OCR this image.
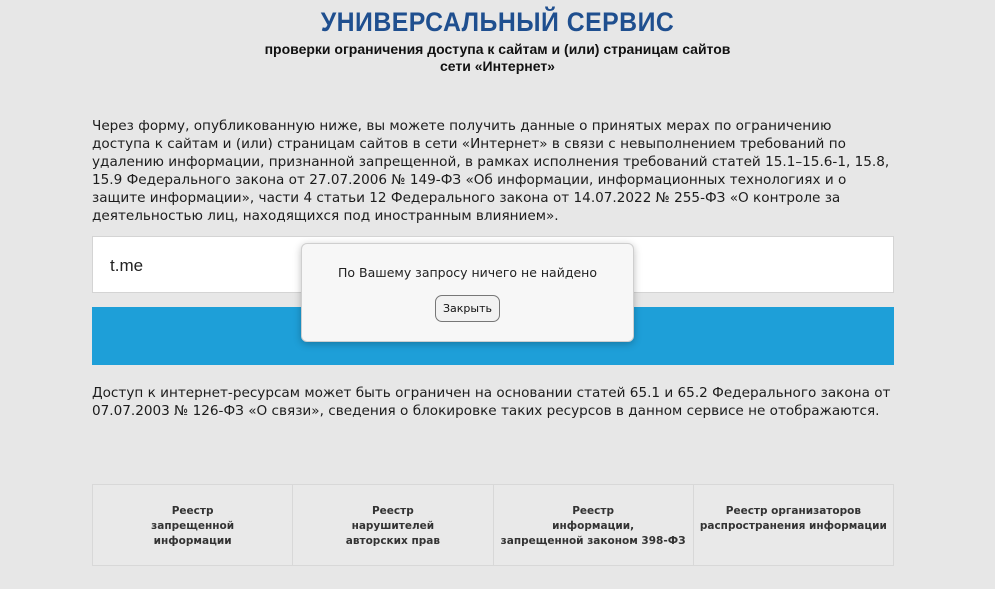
УНИВЕРСАЛЬНЫЙ СЕРВИС
проверки ограничения доступа к сайтам и (или) страницам сайтов
сети «Интернет»

Через форму, опубликованную ниже, вы можете получить данные о принятых мерах по ограничению доступа к сайтам и (или) страницам сайтов в сети «Интернет» в связи с невыполнением требований по удалению информации, признанной запрещенной, в рамках исполнения требований статей 15.1–15.6-1, 15.8, 15.9 Федерального закона от 27.07.2006 № 149-ФЗ «Об информации, информационных технологиях и о защите информации», части 4 статьи 12 Федерального закона от 14.07.2022 № 255-ФЗ «О контроле за деятельностью лиц, находящихся под иностранным влиянием».

t.me

Доступ к интернет-ресурсам может быть ограничен на основании статей 65.1 и 65.2 Федерального закона от 07.07.2003 № 126-ФЗ «О связи», сведения о блокировке таких ресурсов в данном сервисе не отображаются.

Реестр
запрещенной
информации
Реестр
нарушителей
авторских прав
Реестр
информации,
запрещенной законом 398-ФЗ
Реестр организаторов
распространения информации
По Вашему запросу ничего не найдено
Закрыть
